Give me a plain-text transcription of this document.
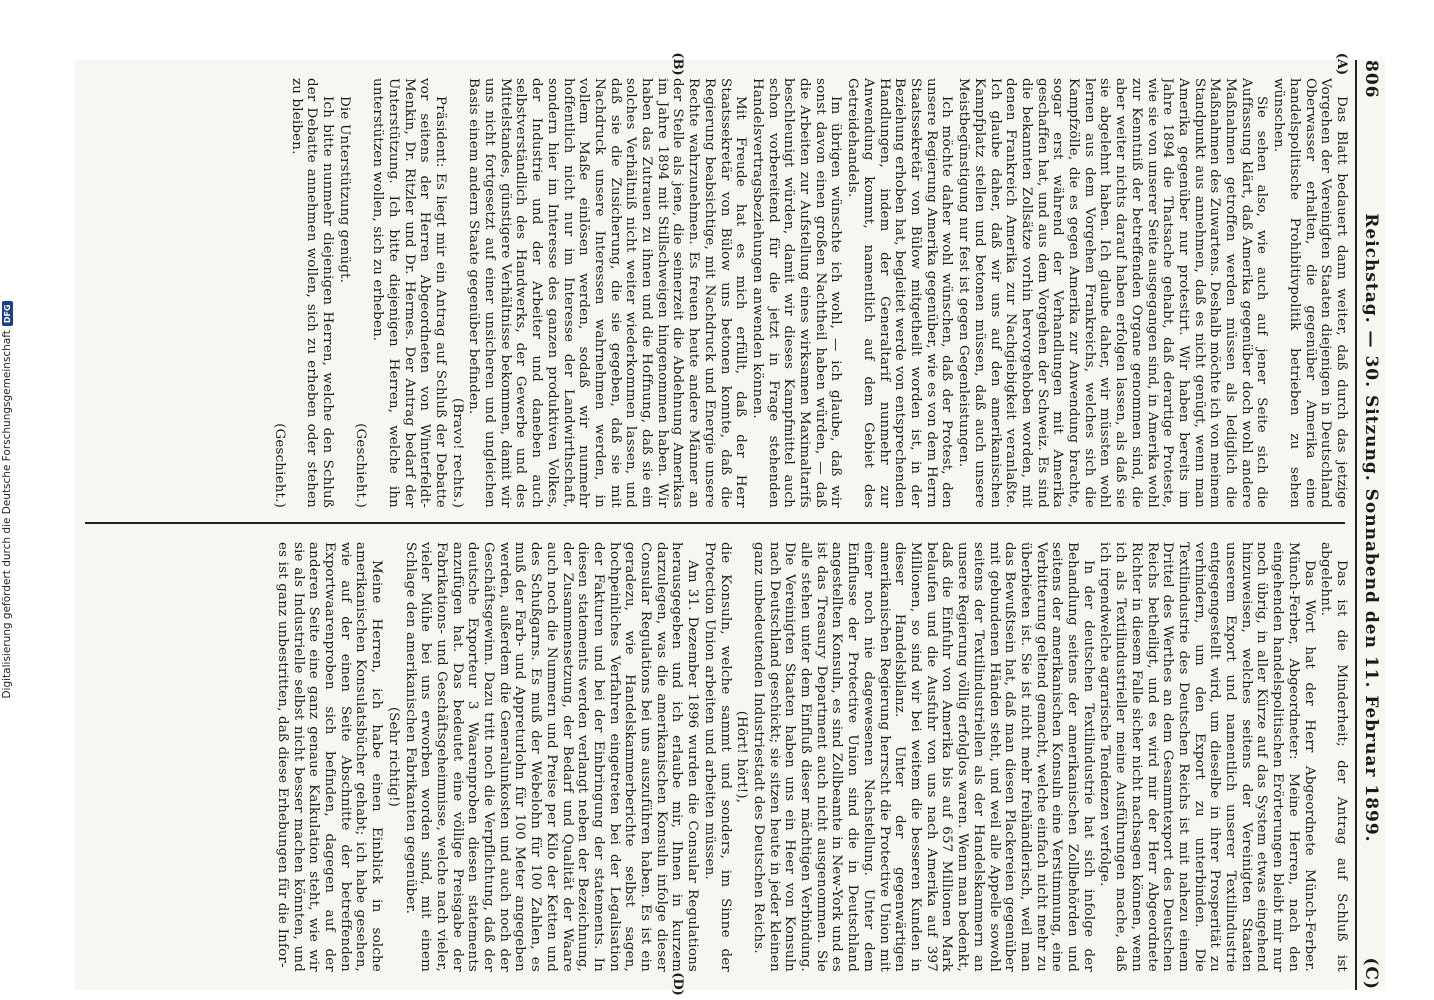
806
Reichstag. — 30. Sitzung. Sonnabend den 11. Februar 1899.
(C)
(A)
(B)
(D)

Das Blatt bedauert dann weiter, daß durch das jetzige Vorgehen der Vereinigten Staaten diejenigen in Deutschland Oberwasser erhalten, die gegenüber Amerika eine handelspolitische Prohibitivpolitik betrieben zu sehen wünschen.

Sie sehen also, wie auch auf jener Seite sich die Auffassung klärt, daß Amerika gegenüber doch wohl andere Maßnahmen getroffen werden müssen als lediglich die Maßnahmen des Zuwartens. Deshalb möchte ich von meinem Standpunkt aus annehmen, daß es nicht genügt, wenn man Amerika gegenüber nur protestirt. Wir haben bereits im Jahre 1894 die Thatsache gehabt, daß derartige Proteste, wie sie von unserer Seite ausgegangen sind, in Amerika wohl zur Kenntniß der betreffenden Organe genommen sind, die aber weiter nichts darauf haben erfolgen lassen, als daß sie sie abgelehnt haben. Ich glaube daher, wir müssten wohl lernen aus dem Vorgehen Frankreichs, welches sich die Kampfzölle, die es gegen Amerika zur Anwendung brachte, sogar erst während der Verhandlungen mit Amerika geschaffen hat, und aus dem Vorgehen der Schweiz. Es sind die bekannten Zollsätze vorhin hervorgehoben worden, mit denen Frankreich Amerika zur Nachgiebigkeit veranlaßte. Ich glaube daher, daß wir uns auf den amerikanischen Kampfplatz stellen und betonen müssen, daß auch unsere Meistbegünstigung nur fest ist gegen Gegenleistungen.

Ich möchte daher wohl wünschen, daß der Protest, den unsere Regierung Amerika gegenüber, wie es von dem Herrn Staatssekretär von Bülow mitgetheilt worden ist, in der Beziehung erhoben hat, begleitet werde von entsprechenden Handlungen, indem der Generaltarif nunmehr zur Anwendung kommt, namentlich auf dem Gebiet des Getreidehandels.

Im übrigen wünschte ich wohl, — ich glaube, daß wir sonst davon einen großen Nachtheil haben würden, — daß die Arbeiten zur Aufstellung eines wirksamen Maximaltarifs beschleunigt würden, damit wir dieses Kampfmittel auch schon vorbereitend für die jetzt in Frage stehenden Handelsvertragsbeziehungen anwenden können.

Mit Freude hat es mich erfüllt, daß der Herr Staatssekretär von Bülow uns betonen konnte, daß die Regierung beabsichtige, mit Nachdruck und Energie unsere Rechte wahrzunehmen. Es freuen heute andere Männer an der Stelle als jene, die seinerzeit die Abdehnung Amerikas im Jahre 1894 mit Stillschweigen hingenommen haben. Wir haben das Zutrauen zu ihnen und die Hoffnung, daß sie ein solches Verhältniß nicht weiter wiederkommen lassen, und daß sie die Zusicherung, die sie gegeben, daß sie mit Nachdruck unsere Interessen wahrnehmen werden, in vollem Maße einlösen werden, sodaß wir nunmehr hoffentlich nicht nur im Interesse der Landwirthschaft, sondern hier im Interesse des ganzen produktiven Volkes, der Industrie und der Arbeiter und daneben auch selbstverständlich des Handwerks, der Gewerbe und des Mittelstandes, günstigere Verhältnisse bekommen, damit wir uns nicht fortgesetzt auf einer unsicheren und ungleichen Basis einem andern Staate gegenüber befinden.

(Bravo! rechts.)

Präsident: Es liegt mir ein Antrag auf Schluß der Debatte vor seitens der Herren Abgeordneten von Winterfeldt-Menkin, Dr. Ritzler und Dr. Hermes. Der Antrag bedarf der Unterstützung. Ich bitte diejenigen Herren, welche ihn unterstützen wollen, sich zu erheben.

(Geschieht.)

Die Unterstützung genügt.

Ich bitte nunmehr diejenigen Herren, welche den Schluß der Debatte annehmen wollen, sich zu erheben oder stehen zu bleiben.

(Geschieht.)

Das ist die Minderheit; der Antrag auf Schluß ist abgelehnt.

Das Wort hat der Herr Abgeordnete Münch-Ferber. Münch-Ferber, Abgeordneter: Meine Herren, nach den eingehenden handelspolitischen Erörterungen bleibt mir nur noch übrig, in aller Kürze auf das System etwas eingehend hinzuweisen, welches seitens der Vereinigten Staaten unserem Export und namentlich unserer Textilindustrie entgegengestellt wird, um dieselbe in ihrer Prosperität zu verhindern, um den Export zu unterbinden. Die Textilindustrie des Deutschen Reichs ist mit nahezu einem Drittel des Werthes an dem Gesammtexport des Deutschen Reichs betheiligt, und es wird mir der Herr Abgeordnete Richter in diesem Falle sicher nicht nachsagen können, wenn ich als Textilindustrieller meine Ausführungen mache, daß ich irgendwelche agrarische Tendenzen verfolge.

In der deutschen Textilindustrie hat sich infolge der Behandlung seitens der amerikanischen Zollbehörden und seitens der amerikanischen Konsuln eine Verstimmung, eine Verbitterung geltend gemacht, welche einfach nicht mehr zu überbieten ist. Sie ist nicht mehr freihändlerisch, weil man das Bewußtsein hat, daß man diesen Plackereien gegenüber mit gebundenen Händen steht, und weil alle Appelle sowohl seitens der Textilindustriellen als der Handelskammern an unsere Regierung völlig erfolglos waren. Wenn man bedenkt, daß die Einfuhr von Amerika bis auf 657 Millionen Mark belaufen und die Ausfuhr von uns nach Amerika auf 397 Millionen, so sind wir bei weitem die besseren Kunden in dieser Handelsbilanz. Unter der gegenwärtigen amerikanischen Regierung herrscht die Protective Union mit einer noch nie dagewesenen Nachstellung. Unter dem Einflusse der Protective Union sind die in Deutschland angestellten Konsuln, es sind Zollbeamte in New-York und es ist das Treasury Department auch nicht ausgenommen. Sie alle stehen unter dem Einfluß dieser mächtigen Verbindung. Die Vereinigten Staaten haben uns ein Heer von Konsuln nach Deutschland geschickt; sie sitzen heute in jeder kleinen ganz unbedeutenden Industriestadt des Deutschen Reichs.

(Hört! hört!),

die Konsuln, welche sammt und sonders, im Sinne der Protection Union arbeiten und arbeiten müssen.

Am 31. Dezember 1896 wurden die Consular Regulations herausgegeben und ich erlaube mir, Ihnen in kurzem darzulegen, was die amerikanischen Konsuln infolge dieser Consular Regulations bei uns auszuführen haben. Es ist ein geradezu, wie Handelskammerberichte selbst sagen, hochpeinliches Verfahren eingetreten bei der Legalisation der Fakturen und bei der Einbringung der statements. In diesen statements werden verlangt neben der Bezeichnung, der Zusammensetzung, der Bedarf und Qualität der Waare auch noch die Nummern und Preise per Kilo der Ketten und des Schußgarns. Es muß der Webelohn für 100 Zahlen, es muß der Farb- und Appreturlohn für 100 Meter angegeben werden, außerdem die Generalunkosten und auch noch der Geschäftsgewinn. Dazu tritt noch die Verpflichtung, daß der deutsche Exporteur 3 Waarenproben diesen statements anzufügen hat. Das bedeutet eine völlige Preisgabe der Fabrikations- und Geschäftsgeheimnisse, welche nach vieler, vieler Mühe bei uns erworben worden sind, mit einem Schlage den amerikanischen Fabrikanten gegenüber.

(Sehr richtig!)

Meine Herren, ich habe einen Einblick in solche amerikanischen Konsulatsbücher gehabt; ich habe gesehen, wie auf der einen Seite Abschnitte der betreffenden Exportwaarenproben sich befinden, dagegen auf der anderen Seite eine ganz genaue Kalkulation steht, wie wir sie als Industrielle selbst nicht besser machen könnten, und es ist ganz unbestritten, daß diese Erhebungen für die Infor-

Digitalisierung gefördert durch die Deutsche Forschungsgemeinschaft
DFG
